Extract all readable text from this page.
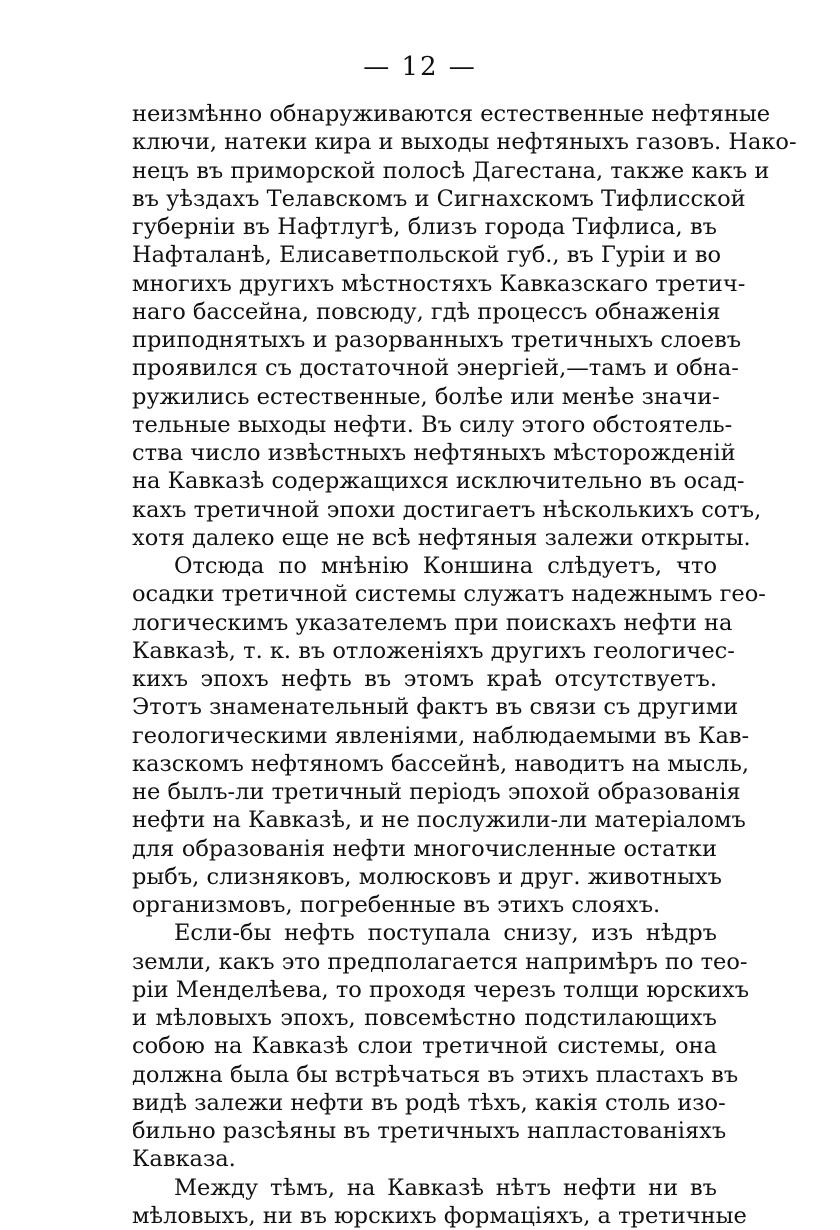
— 12 —
неизмѣнно обнаруживаются естественные нефтяные
ключи, натеки кира и выходы нефтяныхъ газовъ. Нако-
нецъ въ приморской полосѣ Дагестана, также какъ и
въ уѣздахъ Телавскомъ и Сигнахскомъ Тифлисской
губерніи въ Нафтлугѣ, близъ города Тифлиса, въ
Нафталанѣ, Елисаветпольской губ., въ Гуріи и во
многихъ другихъ мѣстностяхъ Кавказскаго третич-
наго бассейна, повсюду, гдѣ процессъ обнаженія
приподнятыхъ и разорванныхъ третичныхъ слоевъ
проявился съ достаточной энергіей,—тамъ и обна-
ружились естественные, болѣе или менѣе значи-
тельные выходы нефти. Въ силу этого обстоятель-
ства число извѣстныхъ нефтяныхъ мѣсторожденій
на Кавказѣ содержащихся исключительно въ осад-
кахъ третичной эпохи достигаетъ нѣсколькихъ сотъ,
хотя далеко еще не всѣ нефтяныя залежи открыты.
Отсюда по мнѣнію Коншина слѣдуетъ, что
осадки третичной системы служатъ надежнымъ гео-
логическимъ указателемъ при поискахъ нефти на
Кавказѣ, т. к. въ отложеніяхъ другихъ геологичес-
кихъ эпохъ нефть въ этомъ краѣ отсутствуетъ.
Этотъ знаменательный фактъ въ связи съ другими
геологическими явленіями, наблюдаемыми въ Кав-
казскомъ нефтяномъ бассейнѣ, наводитъ на мысль,
не былъ-ли третичный періодъ эпохой образованія
нефти на Кавказѣ, и не послужили-ли матеріаломъ
для образованія нефти многочисленные остатки
рыбъ, слизняковъ, молюсковъ и друг. животныхъ
организмовъ, погребенные въ этихъ слояхъ.
Если-бы нефть поступала снизу, изъ нѣдръ
земли, какъ это предполагается напримѣръ по тео-
ріи Менделѣева, то проходя черезъ толщи юрскихъ
и мѣловыхъ эпохъ, повсемѣстно подстилающихъ
собою на Кавказѣ слои третичной системы, она
должна была бы встрѣчаться въ этихъ пластахъ въ
видѣ залежи нефти въ родѣ тѣхъ, какія столь изо-
бильно разсѣяны въ третичныхъ напластованіяхъ
Кавказа.
Между тѣмъ, на Кавказѣ нѣтъ нефти ни въ
мѣловыхъ, ни въ юрскихъ формаціяхъ, а третичные
